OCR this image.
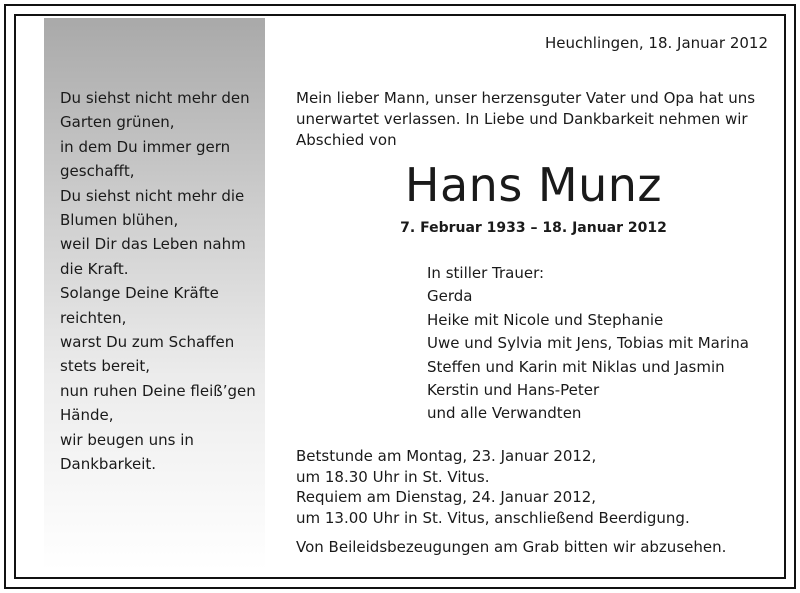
Du siehst nicht mehr den
Garten grünen,
in dem Du immer gern
geschafft,
Du siehst nicht mehr die
Blumen blühen,
weil Dir das Leben nahm
die Kraft.
Solange Deine Kräfte
reichten,
warst Du zum Schaffen
stets bereit,
nun ruhen Deine fleiß’gen
Hände,
wir beugen uns in
Dankbarkeit.
Heuchlingen, 18. Januar 2012
Mein lieber Mann, unser herzensguter Vater und Opa hat uns
unerwartet verlassen. In Liebe und Dankbarkeit nehmen wir
Abschied von
Hans Munz
7. Februar 1933 – 18. Januar 2012
In stiller Trauer:
Gerda
Heike mit Nicole und Stephanie
Uwe und Sylvia mit Jens, Tobias mit Marina
Steffen und Karin mit Niklas und Jasmin
Kerstin und Hans-Peter
und alle Verwandten
Betstunde am Montag, 23. Januar 2012,
um 18.30 Uhr in St. Vitus.
Requiem am Dienstag, 24. Januar 2012,
um 13.00 Uhr in St. Vitus, anschließend Beerdigung.
Von Beileidsbezeugungen am Grab bitten wir abzusehen.
